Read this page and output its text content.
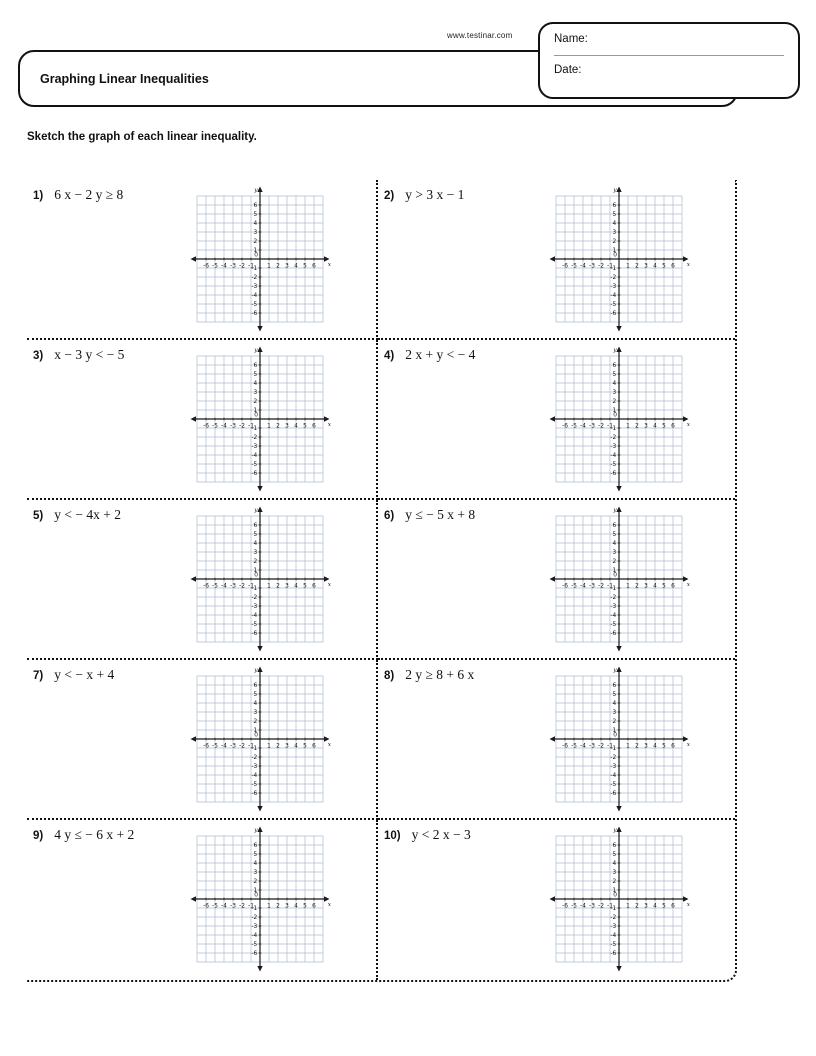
www.testinar.com
Graphing Linear Inequalities
Name:
Date:
Sketch the graph of each linear inequality.
1) 6 x − 2 y ≥ 8
-6 -5 -4 -3 -2 -1 1 2 3 4 5 6
6
5
4
3
2
1
-1
-2
-3
-4
-5
-6
0
x
y	2) y > 3 x − 1
-6 -5 -4 -3 -2 -1 1 2 3 4 5 6
6
5
4
3
2
1
-1
-2
-3
-4
-5
-6
0
x
y
3) x − 3 y < − 5
-6 -5 -4 -3 -2 -1 1 2 3 4 5 6
6
5
4
3
2
1
-1
-2
-3
-4
-5
-6
0
x
y	4) 2 x + y < − 4
-6 -5 -4 -3 -2 -1 1 2 3 4 5 6
6
5
4
3
2
1
-1
-2
-3
-4
-5
-6
0
x
y
5) y < − 4x + 2
-6 -5 -4 -3 -2 -1 1 2 3 4 5 6
6
5
4
3
2
1
-1
-2
-3
-4
-5
-6
0
x
y	6) y ≤ − 5 x + 8
-6 -5 -4 -3 -2 -1 1 2 3 4 5 6
6
5
4
3
2
1
-1
-2
-3
-4
-5
-6
0
x
y
7) y < − x + 4
-6 -5 -4 -3 -2 -1 1 2 3 4 5 6
6
5
4
3
2
1
-1
-2
-3
-4
-5
-6
0
x
y	8) 2 y ≥ 8 + 6 x
-6 -5 -4 -3 -2 -1 1 2 3 4 5 6
6
5
4
3
2
1
-1
-2
-3
-4
-5
-6
0
x
y
9) 4 y ≤ − 6 x + 2
-6 -5 -4 -3 -2 -1 1 2 3 4 5 6
6
5
4
3
2
1
-1
-2
-3
-4
-5
-6
0
x
y	10) y < 2 x − 3
-6 -5 -4 -3 -2 -1 1 2 3 4 5 6
6
5
4
3
2
1
-1
-2
-3
-4
-5
-6
0
x
y
